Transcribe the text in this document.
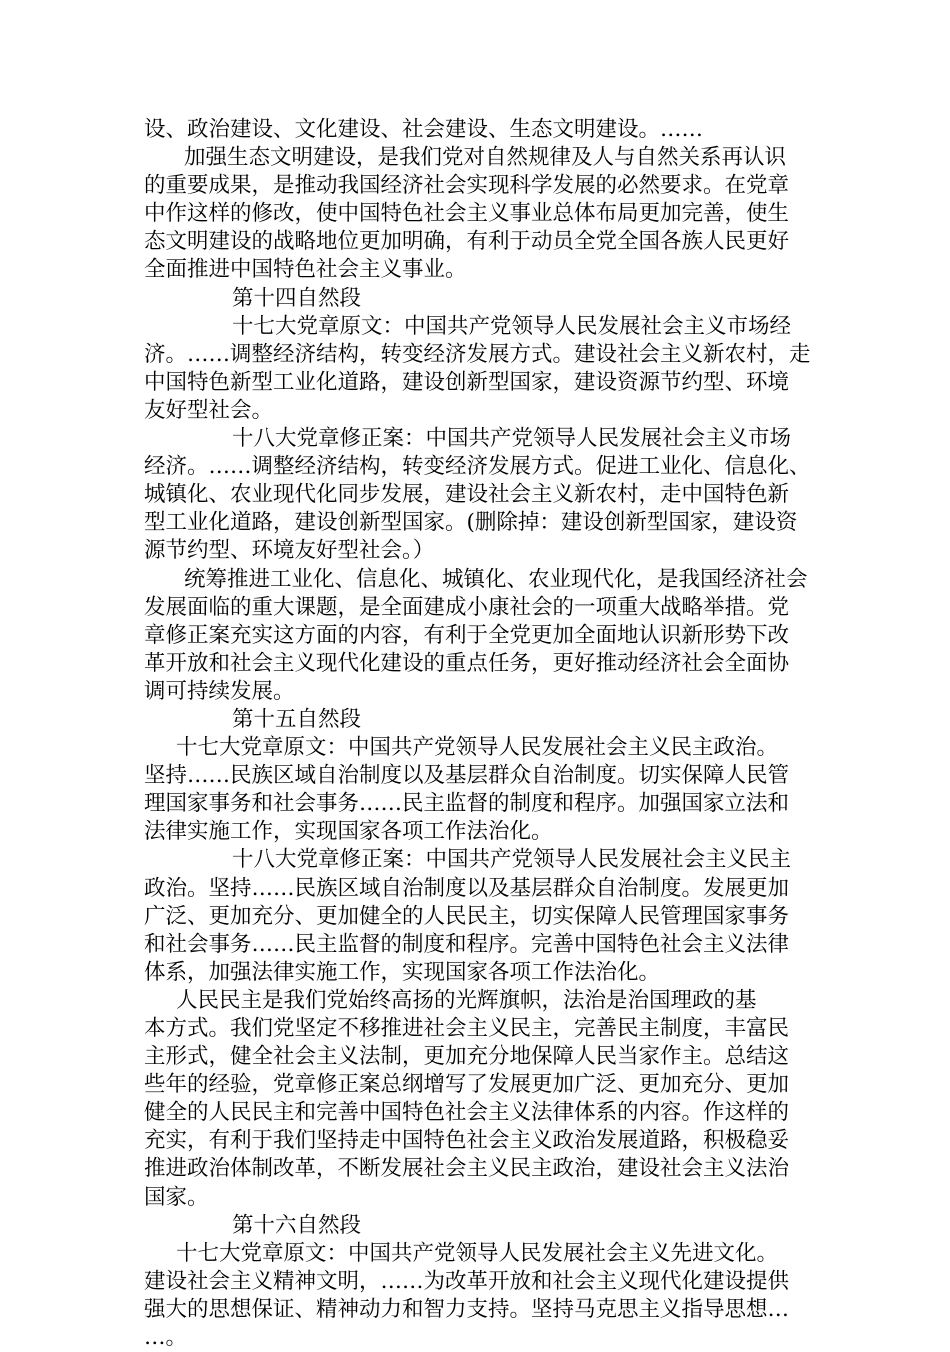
设、政治建设、文化建设、社会建设、生态文明建设。……
加强生态文明建设，是我们党对自然规律及人与自然关系再认识
的重要成果，是推动我国经济社会实现科学发展的必然要求。在党章
中作这样的修改，使中国特色社会主义事业总体布局更加完善，使生
态文明建设的战略地位更加明确，有利于动员全党全国各族人民更好
全面推进中国特色社会主义事业。
第十四自然段
十七大党章原文：中国共产党领导人民发展社会主义市场经
济。……调整经济结构，转变经济发展方式。建设社会主义新农村，走
中国特色新型工业化道路，建设创新型国家，建设资源节约型、环境
友好型社会。
十八大党章修正案：中国共产党领导人民发展社会主义市场
经济。……调整经济结构，转变经济发展方式。促进工业化、信息化、
城镇化、农业现代化同步发展，建设社会主义新农村，走中国特色新
型工业化道路，建设创新型国家。(删除掉：建设创新型国家，建设资
源节约型、环境友好型社会。）
统筹推进工业化、信息化、城镇化、农业现代化，是我国经济社会
发展面临的重大课题，是全面建成小康社会的一项重大战略举措。党
章修正案充实这方面的内容，有利于全党更加全面地认识新形势下改
革开放和社会主义现代化建设的重点任务，更好推动经济社会全面协
调可持续发展。
第十五自然段
十七大党章原文：中国共产党领导人民发展社会主义民主政治。
坚持……民族区域自治制度以及基层群众自治制度。切实保障人民管
理国家事务和社会事务……民主监督的制度和程序。加强国家立法和
法律实施工作，实现国家各项工作法治化。
十八大党章修正案：中国共产党领导人民发展社会主义民主
政治。坚持……民族区域自治制度以及基层群众自治制度。发展更加
广泛、更加充分、更加健全的人民民主，切实保障人民管理国家事务
和社会事务……民主监督的制度和程序。完善中国特色社会主义法律
体系，加强法律实施工作，实现国家各项工作法治化。
人民民主是我们党始终高扬的光辉旗帜，法治是治国理政的基
本方式。我们党坚定不移推进社会主义民主，完善民主制度，丰富民
主形式，健全社会主义法制，更加充分地保障人民当家作主。总结这
些年的经验，党章修正案总纲增写了发展更加广泛、更加充分、更加
健全的人民民主和完善中国特色社会主义法律体系的内容。作这样的
充实，有利于我们坚持走中国特色社会主义政治发展道路，积极稳妥
推进政治体制改革，不断发展社会主义民主政治，建设社会主义法治
国家。
第十六自然段
十七大党章原文：中国共产党领导人民发展社会主义先进文化。
建设社会主义精神文明，……为改革开放和社会主义现代化建设提供
强大的思想保证、精神动力和智力支持。坚持马克思主义指导思想…
…。
